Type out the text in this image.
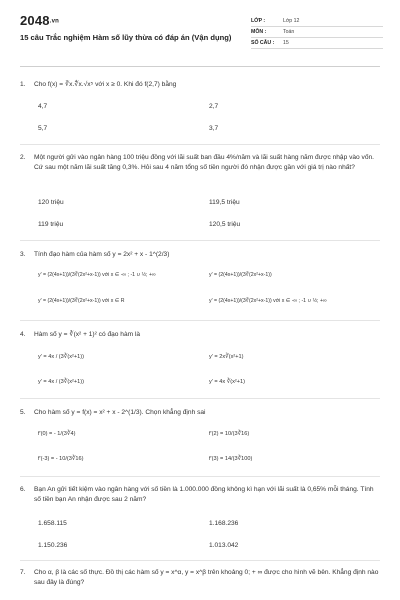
2048.vn
15 câu Trắc nghiệm Hàm số lũy thừa có đáp án (Vận dụng)
LỚP :	Lớp 12
MÔN :	Toán
SỐ CÂU :	15
1.	Cho f(x) = ∛x.∜x.√x⁵ với x ≥ 0. Khi đó f(2,7) bằng
4,7	2,7
5,7	3,7
2.	Một người gửi vào ngân hàng 100 triệu đồng với lãi suất ban đầu 4%/năm và lãi suất hàng năm được nhập vào vốn. Cứ sau một năm lãi suất tăng 0,3%. Hỏi sau 4 năm tổng số tiền người đó nhận được gần với giá trị nào nhất?
120 triệu	119,5 triệu
119 triệu	120,5 triệu
3.	Tính đạo hàm của hàm số y = 2x² + x - 1^(2/3)
y' = (2(4x+1))/(3∛(2x²+x-1)) với x ∈ -∞ ; -1 ∪ ½; +∞	y' = (2(4x+1))/(3∛(2x²+x-1))
y' = (2(4x+1))/(3∛(2x²+x-1)) với x ∈ R	y' = (2(4x+1))/(3∛(2x²+x-1)) với x ∈ -∞ ; -1 ∪ ½; +∞
4.	Hàm số y = ∛(x² + 1)² có đạo hàm là
y' = 4x / (3∛(x²+1))	y' = 2x∛(x²+1)
y' = 4x / (3∛(x²+1))	y' = 4x ∛(x²+1)
5.	Cho hàm số y = f(x) = x² + x - 2^(1/3). Chọn khẳng định sai
f'(0) = - 1/(3∛4)	f'(2) = 10/(3∛16)
f'(-3) = - 10/(3∛16)	f'(3) = 14/(3∛100)
6.	Bạn An gửi tiết kiệm vào ngân hàng với số tiền là 1.000.000 đồng không kì hạn với lãi suất là 0,65% mỗi tháng. Tính số tiền bạn An nhận được sau 2 năm?
1.658.115	1.168.236
1.150.236	1.013.042
7.	Cho α, β là các số thực. Đồ thị các hàm số y = x^α, y = x^β trên khoảng 0; + ∞ được cho hình vẽ bên. Khẳng định nào sau đây là đúng?
